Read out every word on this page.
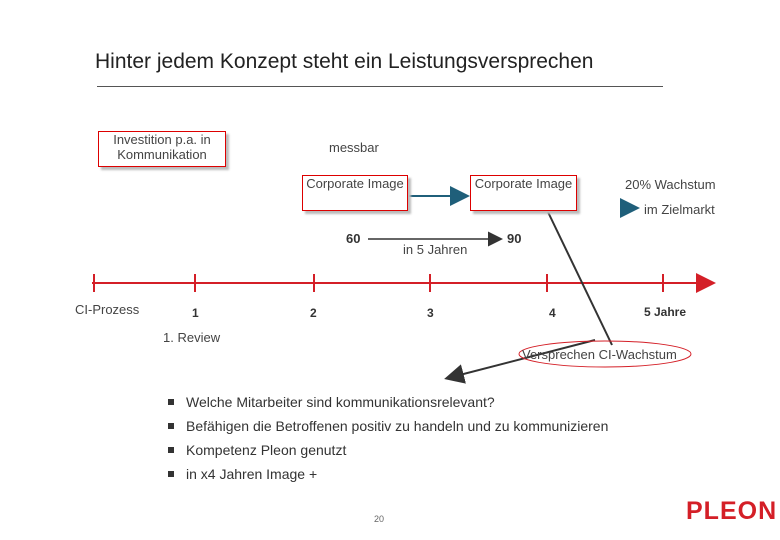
Hinter jedem Konzept steht ein Leistungsversprechen
Investition p.a. in Kommunikation
Corporate Image	Corporate Image
messbar
60	90
in 5 Jahren
20% Wachstum
im Zielmarkt
CI-Prozess
1. Review
Versprechen CI-Wachstum
1	2	3	4	5 Jahre
Welche Mitarbeiter sind kommunikationsrelevant?
Befähigen die Betroffenen positiv zu handeln und zu kommunizieren
Kompetenz Pleon genutzt
in x4 Jahren Image +
20	PLEON
